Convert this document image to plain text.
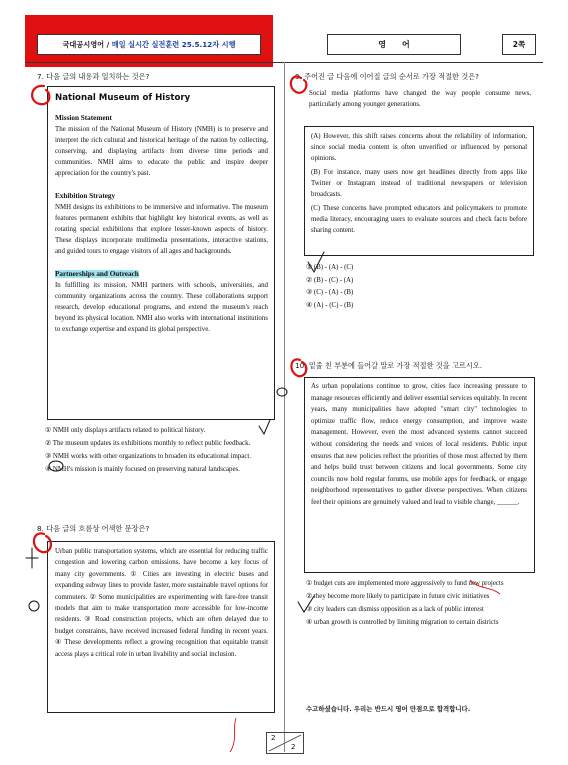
국대공시영어 / 매일 실시간 실전훈련 25.5.12자 시행	영　　어	2쪽
7. 다음 글의 내용과 일치하는 것은?
National Museum of History
Mission Statement

The mission of the National Museum of History (NMH) is to preserve and interpret the rich cultural and historical heritage of the nation by collecting, conserving, and displaying artifacts from diverse time periods and communities. NMH aims to educate the public and inspire deeper appreciation for the country's past.

Exhibition Strategy

NMH designs its exhibitions to be immersive and informative. The museum features permanent exhibits that highlight key historical events, as well as rotating special exhibitions that explore lesser-known aspects of history. These displays incorporate multimedia presentations, interactive stations, and guided tours to engage visitors of all ages and backgrounds.

Partnerships and Outreach

In fulfilling its mission, NMH partners with schools, universities, and community organizations across the country. These collaborations support research, develop educational programs, and extend the museum's reach beyond its physical location. NMH also works with international institutions to exchange expertise and expand its global perspective.

① NMH only displays artifacts related to political history.
② The museum updates its exhibitions monthly to reflect public feedback.
③ NMH works with other organizations to broaden its educational impact.
④ NMH's mission is mainly focused on preserving natural landscapes.
8. 다음 글의 흐름상 어색한 문장은?

Urban public transportation systems, which are essential for reducing traffic congestion and lowering carbon emissions, have become a key focus of many city governments. ① Cities are investing in electric buses and expanding subway lines to provide faster, more sustainable travel options for commuters. ② Some municipalities are experimenting with fare-free transit models that aim to make transportation more accessible for low-income residents. ③ Road construction projects, which are often delayed due to budget constraints, have received increased federal funding in recent years. ④ These developments reflect a growing recognition that equitable transit access plays a critical role in urban livability and social inclusion.

9. 주어진 글 다음에 이어질 글의 순서로 가장 적절한 것은?

Social media platforms have changed the way people consume news, particularly among younger generations.

(A) However, this shift raises concerns about the reliability of information, since social media content is often unverified or influenced by personal opinions.

(B) For instance, many users now get headlines directly from apps like Twitter or Instagram instead of traditional newspapers or television broadcasts.

(C) These concerns have prompted educators and policymakers to promote media literacy, encouraging users to evaluate sources and check facts before sharing content.

① (B) - (A) - (C)
② (B) - (C) - (A)
③ (C) - (A) - (B)
④ (A) - (C) - (B)
10. 밑줄 친 부분에 들어갈 말로 가장 적절한 것을 고르시오.

As urban populations continue to grow, cities face increasing pressure to manage resources efficiently and deliver essential services equitably. In recent years, many municipalities have adopted "smart city" technologies to optimize traffic flow, reduce energy consumption, and improve waste management. However, even the most advanced systems cannot succeed without considering the needs and voices of local residents. Public input ensures that new policies reflect the priorities of those most affected by them and helps build trust between citizens and local governments. Some city councils now hold regular forums, use mobile apps for feedback, or engage neighborhood representatives to gather diverse perspectives. When citizens feel their opinions are genuinely valued and lead to visible change, ______.

① budget cuts are implemented more aggressively to fund new projects
② they become more likely to participate in future civic initiatives
③ city leaders can dismiss opposition as a lack of public interest
④ urban growth is controlled by limiting migration to certain districts
수고하셨습니다. 우리는 반드시 영어 만점으로 합격합니다.
2
2
